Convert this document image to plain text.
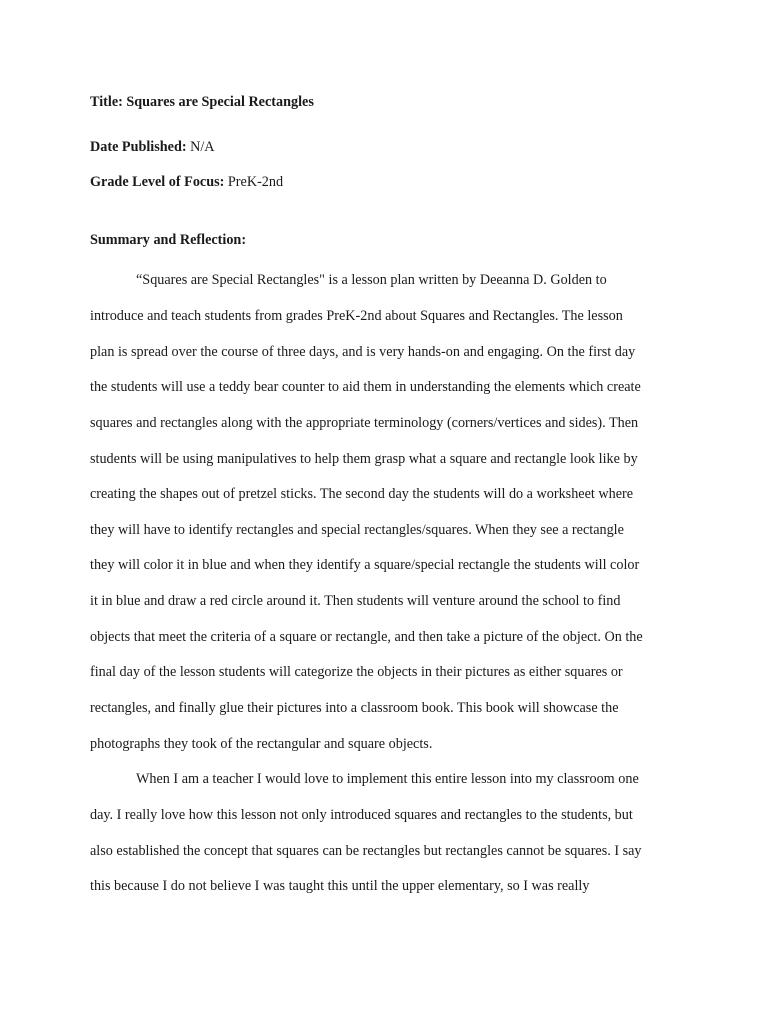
Title: Squares are Special Rectangles
Date Published: N/A
Grade Level of Focus: PreK-2nd
Summary and Reflection:
“Squares are Special Rectangles" is a lesson plan written by Deeanna D. Golden to
introduce and teach students from grades PreK-2nd about Squares and Rectangles. The lesson
plan is spread over the course of three days, and is very hands-on and engaging. On the first day
the students will use a teddy bear counter to aid them in understanding the elements which create
squares and rectangles along with the appropriate terminology (corners/vertices and sides). Then
students will be using manipulatives to help them grasp what a square and rectangle look like by
creating the shapes out of pretzel sticks. The second day the students will do a worksheet where
they will have to identify rectangles and special rectangles/squares. When they see a rectangle
they will color it in blue and when they identify a square/special rectangle the students will color
it in blue and draw a red circle around it. Then students will venture around the school to find
objects that meet the criteria of a square or rectangle, and then take a picture of the object. On the
final day of the lesson students will categorize the objects in their pictures as either squares or
rectangles, and finally glue their pictures into a classroom book. This book will showcase the
photographs they took of the rectangular and square objects.
When I am a teacher I would love to implement this entire lesson into my classroom one
day. I really love how this lesson not only introduced squares and rectangles to the students, but
also established the concept that squares can be rectangles but rectangles cannot be squares. I say
this because I do not believe I was taught this until the upper elementary, so I was really
